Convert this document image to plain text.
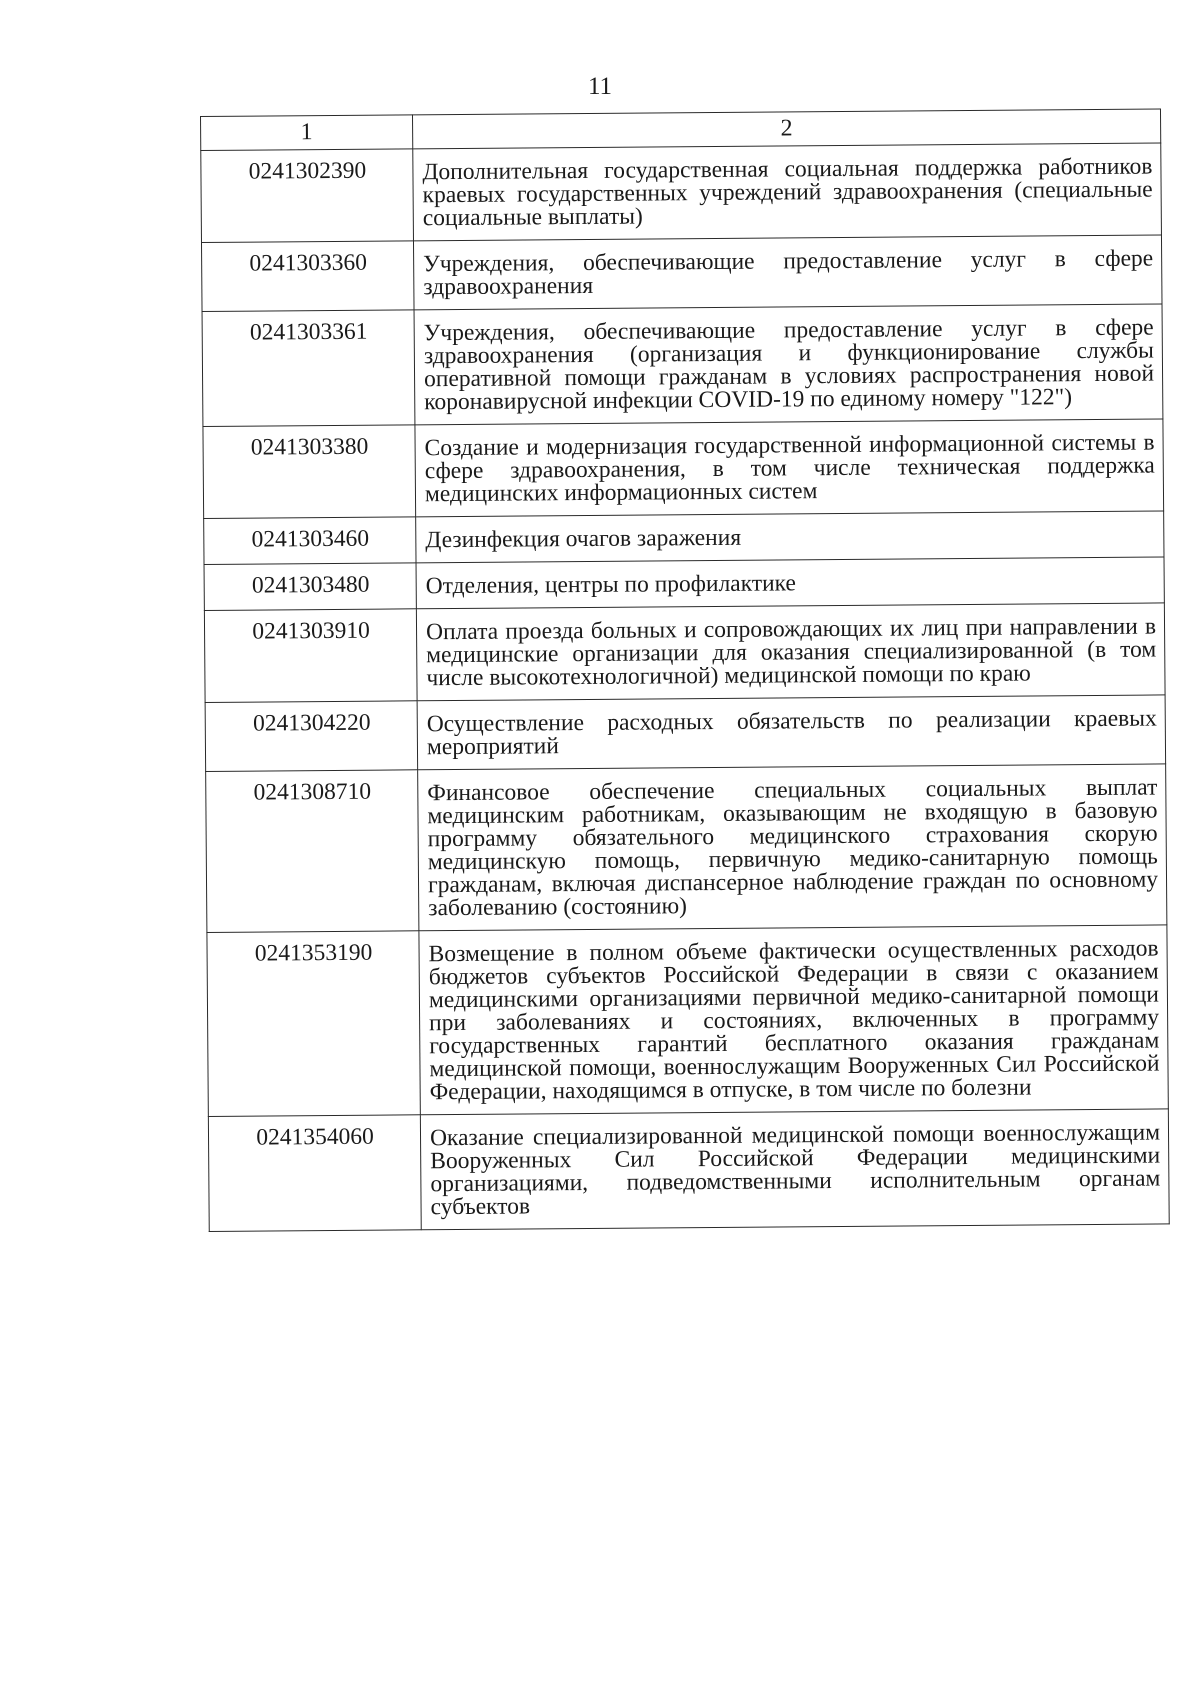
11
1	2
0241302390	Дополнительная государственная социальная поддержка работников краевых государственных учреждений здравоохранения (специальные социальные выплаты)
0241303360	Учреждения, обеспечивающие предоставление услуг в сфере здравоохранения
0241303361	Учреждения, обеспечивающие предоставление услуг в сфере здравоохранения (организация и функционирование службы оперативной помощи гражданам в условиях распространения новой коронавирусной инфекции COVID-19 по единому номеру "122")
0241303380	Создание и модернизация государственной информационной системы в сфере здравоохранения, в том числе техническая поддержка медицинских информационных систем
0241303460	Дезинфекция очагов заражения
0241303480	Отделения, центры по профилактике
0241303910	Оплата проезда больных и сопровождающих их лиц при направлении в медицинские организации для оказания специализированной (в том числе высокотехнологичной) медицинской помощи по краю
0241304220	Осуществление расходных обязательств по реализации краевых мероприятий
0241308710	Финансовое обеспечение специальных социальных выплат медицинским работникам, оказывающим не входящую в базовую программу обязательного медицинского страхования скорую медицинскую помощь, первичную медико-санитарную помощь гражданам, включая диспансерное наблюдение граждан по основному заболеванию (состоянию)
0241353190	Возмещение в полном объеме фактически осуществленных расходов бюджетов субъектов Российской Федерации в связи с оказанием медицинскими организациями первичной медико-санитарной помощи при заболеваниях и состояниях, включенных в программу государственных гарантий бесплатного оказания гражданам медицинской помощи, военнослужащим Вооруженных Сил Российской Федерации, находящимся в отпуске, в том числе по болезни
0241354060	Оказание специализированной медицинской помощи военнослужащим Вооруженных Сил Российской Федерации медицинскими организациями, подведомственными исполнительным органам субъектов
